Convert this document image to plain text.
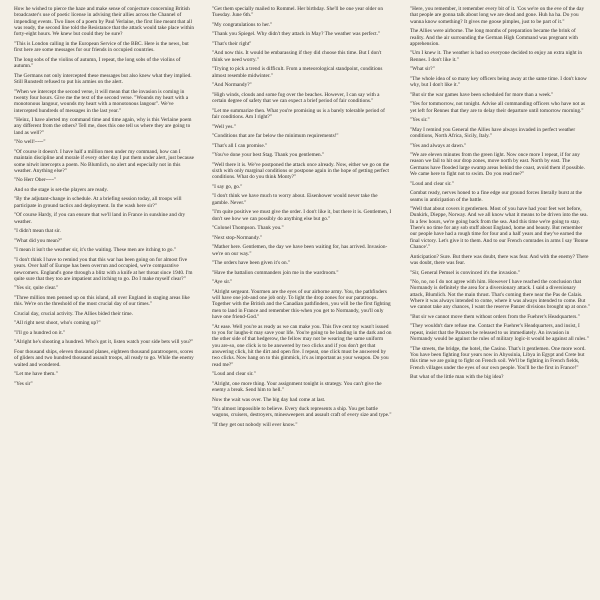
How he wished to pierce the haze and make sense of conjecture concerning British broadcaster's use of poetic license in advising their allies across the Channel of impending events. Two lines of a poem by Paul Verlaine, the first line meant that all was ready, the second line told the Resistance that the attack would take place within forty-eight hours. We knew but could they be sure?

"This is London calling in the European Service of the BBC. Here is the news, but first here are some messages for our friends in occupied countries.

The long sobs of the violins of autumn, I repeat, the long sobs of the violins of autumn."

The Germans not only intercepted these messages but also knew what they implied. Still Runstedt refused to put his armies on the alert.

"When we intercept the second verse, it will mean that the invasion is coming in twenty four hours. Give me the text of the second verse. "Wounds my heart with a monotonous langour, wounds my heart with a monotonous langour". We've intercepted hundreds of messages in the last year."

"Heinz, I have alerted my command time and time again, why is this Verlaine poem any different from the others? Tell me, does this one tell us where they are going to land as well?"

"No well!~~~"

"Of course it doesn't. I have half a million men under my command, how can I maintain discipline and morale if every other day I put them under alert, just because some nitwit intercepts a poem. No Blumlich, no alert and especially not in this weather. Anything else?"

"No Herr Ober~~~"

And so the stage is set-the players are ready.

"By the adjutant-change in schedule. At a briefing session today, all troops will participate in ground tactics and deployment. In the wash here sir?"

"Of course Hardy, if you can ensure that we'll land in France in sunshine and dry weather.

"I didn't mean that sir.

"What did you mean?"

"I mean it isn't the weather sir, it's the waiting. These men are itching to go."

"I don't think I have to remind you that this war has been going on for almost five years. Over half of Europe has been overrun and occupied, we're comparative newcomers. England's gone through a blitz with a knife at her throat since 1940. I'm quite sure that they too are impatient and itching to go. Do I make myself clear?"

"Yes sir, quite clear."

"Three million men penned up on this island, all over England in staging areas like this. We're on the threshold of the most crucial day of our times."

Crucial day, crucial activity. The Allies bided their time.

"All right next shoot, who's coming up?"

"I'll go a hundred on it."

"Alright he's shooting a hundred. Who's got it, listen watch your side bets will you?"

Four thousand ships, eleven thousand planes, eighteen thousand paratroopers, scores of gliders and two hundred thousand assault troops, all ready to go. While the enemy waited and wondered.

"Let me have them."

"Yes sir"

"Get them specially mailed to Rommel. Her birthday. She'll be one year older on Tuesday. June 6th."

"My congratulations to her."

"Thank you Spiegel. Why didn't they attack in May? The weather was perfect."

"That's their right"

"And now this. It would be embarassing if they did choose this time. But I don't think we need worry."

"Trying to pick a trend is difficult. From a meteorological standpoint, conditions almost resemble midwinter."

"And Normandy?"

"High winds, clouds and some fog over the beaches. However, I can say with a certain degree of safety that we can expect a brief period of fair conditions."

"Let me summarize then. What you're promising us is a barely tolerable period of fair conditions. Am I right?"

"Well yes."

"Conditions that are far below the minimum requirements!"

"That's all I can promise."

"You've done your best Stag. Thank you gentlemen."

"Well there it is. We've postponed the attack once already. Now, either we go on the sixth with only marginal conditions or postpone again in the hope of getting perfect conditions. What do you think Monty?"

"I say go, go."

"I don't think we have much to worry about. Eisenhower would never take the gamble. Never."

"I'm quite positive we must give the order. I don't like it, but there it is. Gentlemen, I don't see how we can possibly do anything else but go."

"Colonel Thompson. Thank you."

"Next stop-Normandy."

"Mather here. Gentlemen, the day we have been waiting for, has arrived. Invasion-we're on our way."

"The orders have been given it's on."

"Have the battalion commanders join me in the wardroom."

"Aye sir."

"Alright sergeant. Yourmen are the eyes of our airborne army. You, the pathfinders will have one job-and one job only. To light the drop zones for our paratroops. Together with the British and the Canadian pathfinders, you will be the first fighting men to land in France and remember this-when you get to Normandy, you'll only have one friend-God."

"At ease. Well you're as ready as we can make you. This five cent toy wasn't issued to you for laughs-it may save your life. You're going to be landing in the dark and on the other side of that hedgerow, the fellow may not be wearing the same uniform you are-so, one click is to be answered by two clicks and if you don't get that answering click, hit the dirt and open fire. I repeat, one click must be answered by two clicks. Now hang on to this gimmick, it's as important as your weapon. Do you read me?"

"Loud and clear sir."

"Alright, one more thing. Your assignment tonight is strategy. You can't give the enemy a break. Send him to hell."

Now the wait was over. The big day had come at last.

"It's almost impossible to believe. Every duck represents a ship. You get battle wagons, cruisers, destroyers, minesweepers and assault craft of every size and type."

"If they get out nobody will ever know."

"Here, you remember, it remember every bit of it. 'Cos we're on the eve of the day that people are gonna talk about long we are dead and gone. Huh ha ha. Do you wanna know something? It gives me goose pimples, just to be part of it."

The Allies were airborne. The long months of preparation became the brink of reality. And the air surrounding the German High Command was pregnant with apprehension.

"Um I knew it. The weather is bad so everyone decided to enjoy an extra night in Rennes. I don't like it."

"What sir?"

"The whole idea of so many key officers being away at the same time. I don't know why, but I don't like it."

"But sir the war games have been scheduled for more than a week."

"Yes for tommorrow, not tonight. Advise all commanding officers who have not as yet left for Rennes that they are to delay their departure until tomorrow morning."

"Yes sir."

"May I remind you General the Allies have always invaded in perfect weather conditions, North Africa, Sicily, Italy."

"Yes and always at dawn."

"We are eleven minutes from the green light. Now once more I repeat, if for any reason we fail to hit our drop zones, move north by east. North by east. The Germans have flooded large swamp areas behind the coast, avoid them if possible. We came here to fight not to swim. Do you read me?"

"Loud and clear sir."

Combat ready, nerves honed to a fine edge our ground forces literally burst at the seams in anticipation of the battle.

"Well that about covers it gentlemen. Most of you have had your feet wet before, Dunkirk, Dieppe, Norway. And we all know what it means to be driven into the sea. In a few hours, we're going back from the sea. And this time we're going to stay. There's no time for any sob stuff about England, home and beauty. But remember our people have had a rough time for four and a half years and they've earned the final victory. Let's give it to them. And to our French comrades in arms I say 'Bonne Chance'."

Anticipation? Sure. But there was doubt, there was fear. And with the enemy? There was doubt, there was fear.

"Sir, General Pemsel is convinced it's the invasion."

"No, no, no I do not agree with him. However I have reached the conclusion that Normandy is definitely the area for a diversionary attack. I said a diversionary attack, Blumlich. Not the main thrust. That's coming there near the Pas de Calais. Where it was always intended to come, where it was always intended to come. But we cannot take any chances, I want the reserve Panzer divisions brought up at once."

"But sir we cannot move them without orders from the Fuehrer's Headquarters."

"They wouldn't dare refuse me. Contact the Fuehrer's Headquarters, and insist, I repeat, insist that the Panzers be released to us immediately. An invasion in Normandy would be against the rules of military logic-it would be against all rules."

"The streets, the bridge, the hotel, the Casino. That's it gentlemen. One more word. You have been fighting four years now in Abyssinia, Libya in Egypt and Crete but this time we are going to fight on French soil. We'll be fighting in French fields, French villages under the eyes of our own people. You'll be the first in France!"

But what of the little man with the big idea?
